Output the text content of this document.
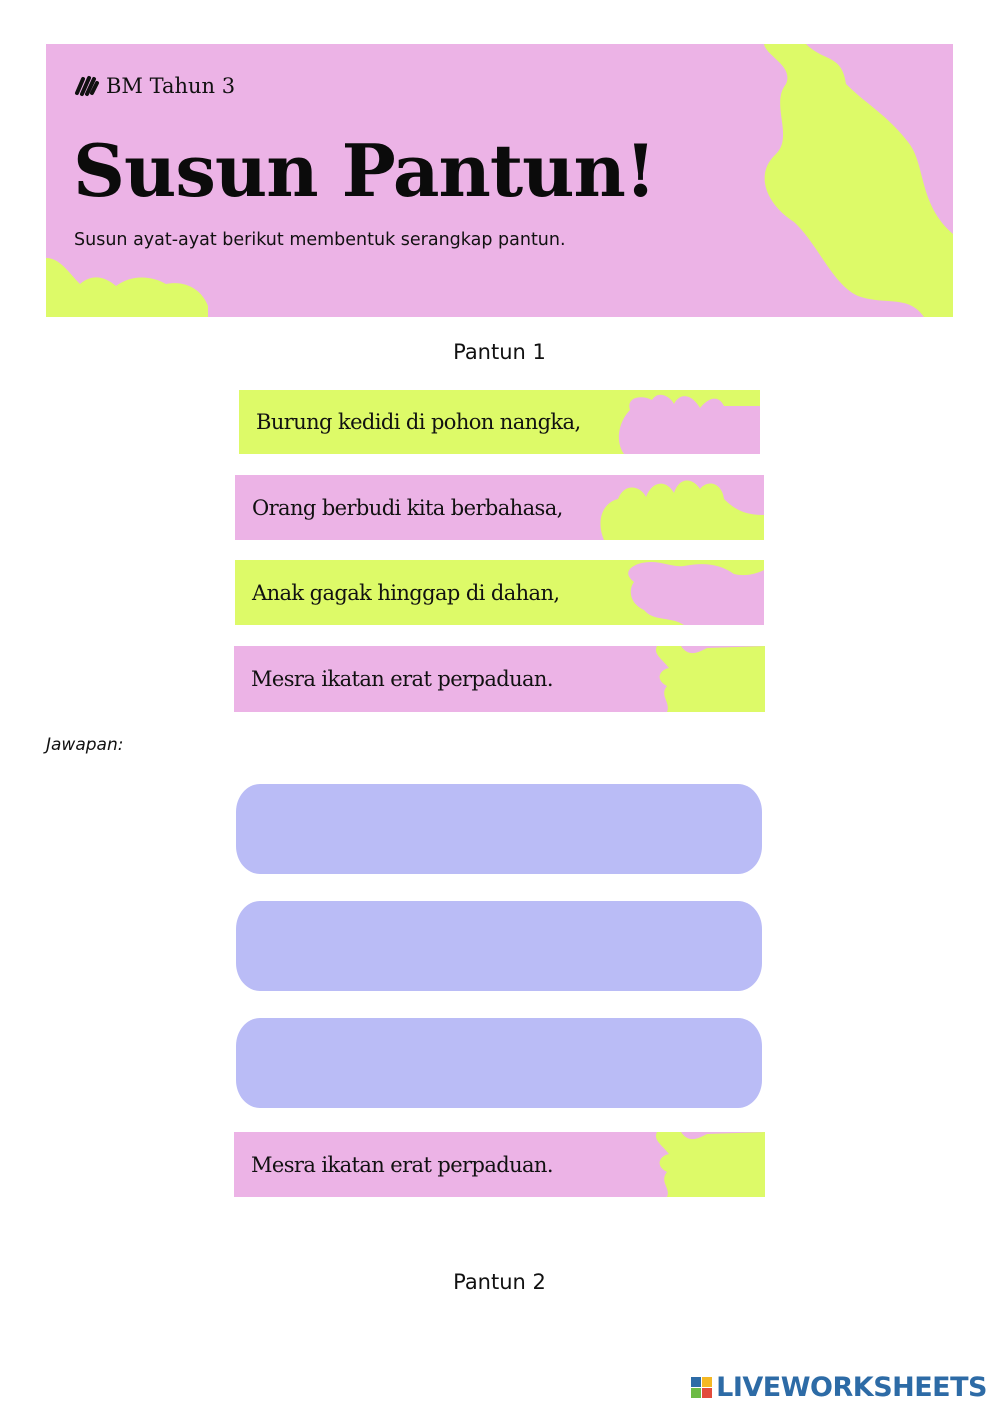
BM Tahun 3
Susun Pantun!
Susun ayat-ayat berikut membentuk serangkap pantun.
Pantun 1
Burung kedidi di pohon nangka,
Orang berbudi kita berbahasa,
Anak gagak hinggap di dahan,
Mesra ikatan erat perpaduan.
Jawapan:
Mesra ikatan erat perpaduan.
Pantun 2
LIVEWORKSHEETS
